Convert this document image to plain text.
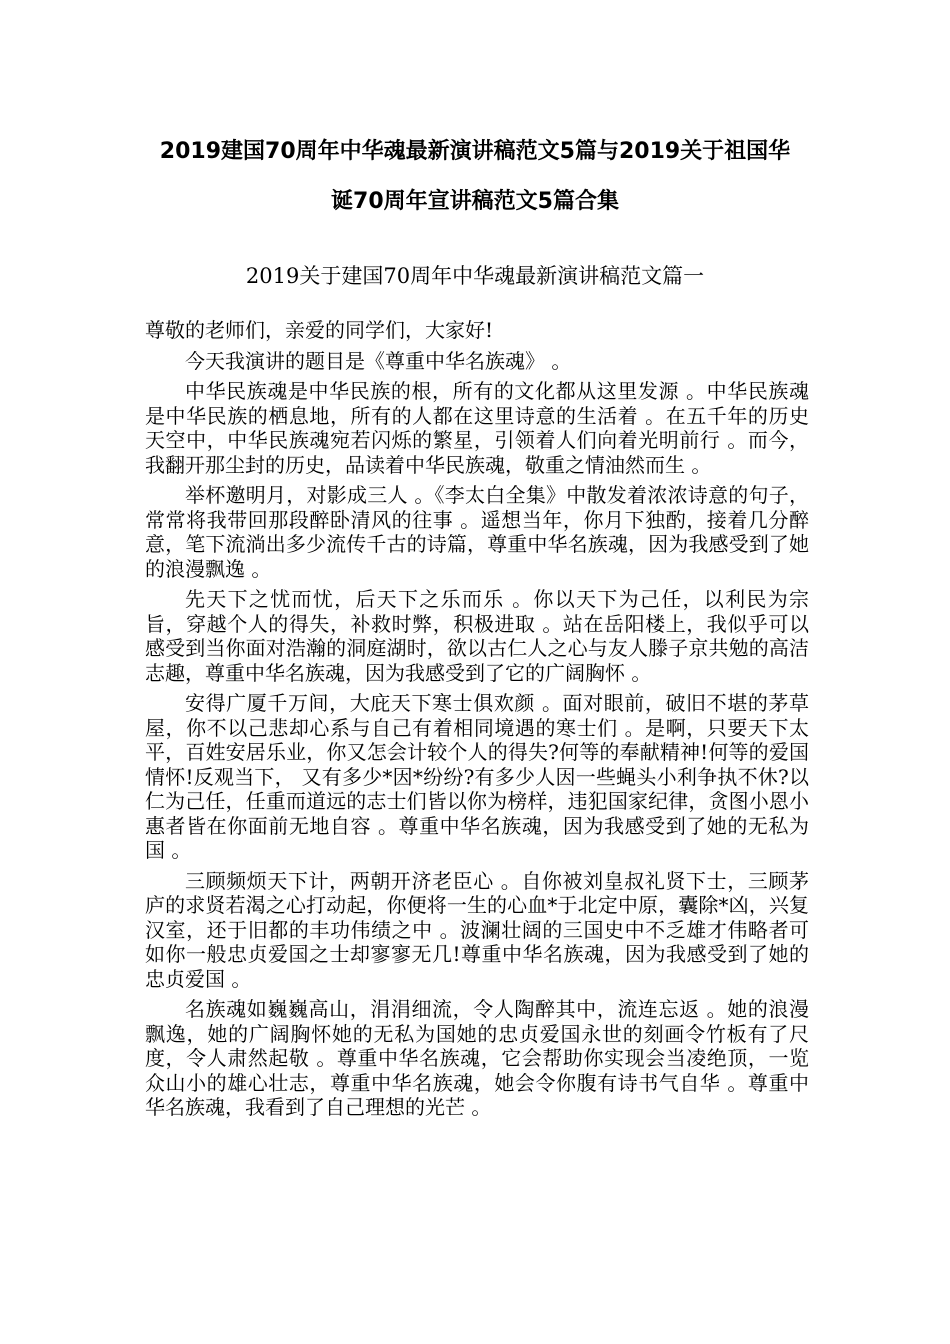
2019建国70周年中华魂最新演讲稿范文5篇与2019关于祖国华
诞70周年宣讲稿范文5篇合集
2019关于建国70周年中华魂最新演讲稿范文篇一

尊敬的老师们，亲爱的同学们，大家好!

今天我演讲的题目是《尊重中华名族魂》 。

中华民族魂是中华民族的根，所有的文化都从这里发源 。中华民族魂是中华民族的栖息地，所有的人都在这里诗意的生活着 。在五千年的历史天空中，中华民族魂宛若闪烁的繁星，引领着人们向着光明前行 。而今，我翻开那尘封的历史，品读着中华民族魂，敬重之情油然而生 。

举杯邀明月，对影成三人 。《李太白全集》中散发着浓浓诗意的句子，常常将我带回那段醉卧清风的往事 。遥想当年，你月下独酌，接着几分醉意，笔下流淌出多少流传千古的诗篇，尊重中华名族魂，因为我感受到了她的浪漫飘逸 。

先天下之忧而忧，后天下之乐而乐 。你以天下为己任，以利民为宗旨，穿越个人的得失，补救时弊，积极进取 。站在岳阳楼上，我似乎可以感受到当你面对浩瀚的洞庭湖时，欲以古仁人之心与友人滕子京共勉的高洁志趣，尊重中华名族魂，因为我感受到了它的广阔胸怀 。

安得广厦千万间，大庇天下寒士俱欢颜 。面对眼前，破旧不堪的茅草屋，你不以己悲却心系与自己有着相同境遇的寒士们 。是啊，只要天下太平，百姓安居乐业，你又怎会计较个人的得失?何等的奉献精神!何等的爱国情怀!反观当下， 又有多少*因*纷纷?有多少人因一些蝇头小利争执不休?以仁为己任，任重而道远的志士们皆以你为榜样，违犯国家纪律，贪图小恩小惠者皆在你面前无地自容 。尊重中华名族魂，因为我感受到了她的无私为国 。

三顾频烦天下计，两朝开济老臣心 。自你被刘皇叔礼贤下士，三顾茅庐的求贤若渴之心打动起，你便将一生的心血*于北定中原，囊除*凶，兴复汉室，还于旧都的丰功伟绩之中 。波澜壮阔的三国史中不乏雄才伟略者可如你一般忠贞爱国之士却寥寥无几!尊重中华名族魂，因为我感受到了她的忠贞爱国 。

名族魂如巍巍高山，涓涓细流，令人陶醉其中，流连忘返 。她的浪漫飘逸，她的广阔胸怀她的无私为国她的忠贞爱国永世的刻画令竹板有了尺度，令人肃然起敬 。尊重中华名族魂，它会帮助你实现会当凌绝顶，一览众山小的雄心壮志，尊重中华名族魂，她会令你腹有诗书气自华 。尊重中华名族魂，我看到了自己理想的光芒 。
